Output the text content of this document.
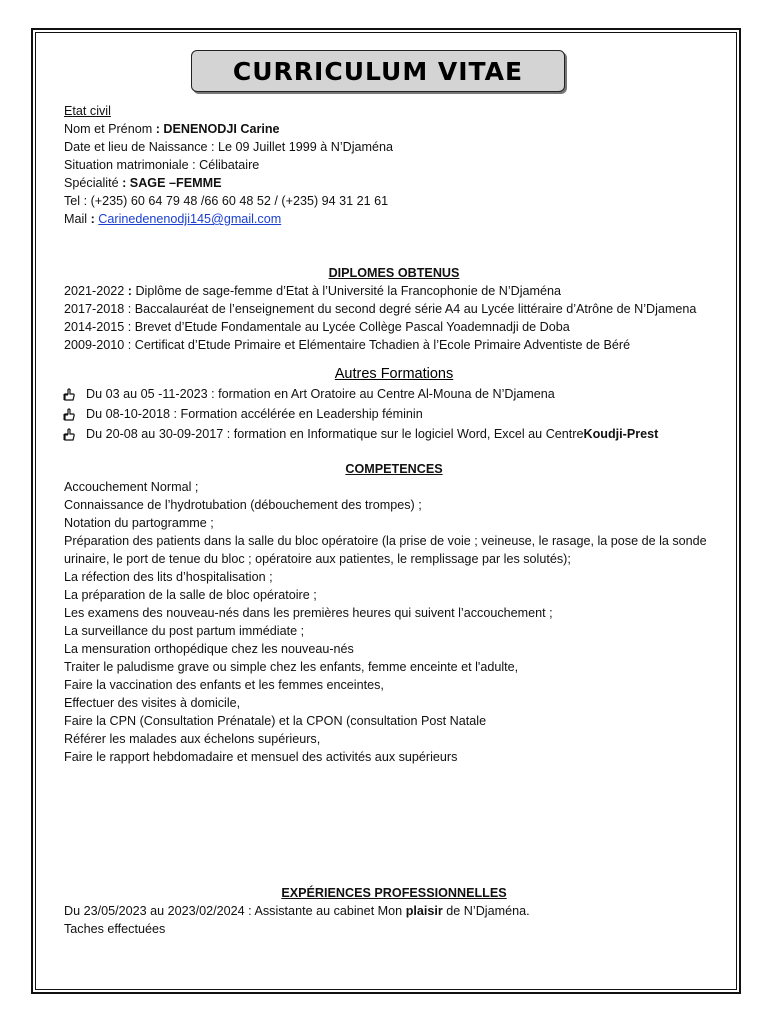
CURRICULUM VITAE
Etat civil
Nom et Prénom : DENENODJI Carine
Date et lieu de Naissance : Le 09 Juillet 1999 à N’Djaména
Situation matrimoniale : Célibataire
Spécialité : SAGE –FEMME
Tel : (+235) 60 64 79 48 /66 60 48 52 / (+235) 94 31 21 61
Mail : Carinedenenodji145@gmail.com
DIPLOMES OBTENUS
2021-2022 : Diplôme de sage-femme d’Etat à l’Université la Francophonie de N’Djaména
2017-2018 : Baccalauréat de l’enseignement du second degré série A4 au Lycée littéraire d’Atrône de N’Djamena
2014-2015 : Brevet d’Etude Fondamentale au Lycée Collège Pascal Yoademnadji de Doba
2009-2010 : Certificat d’Etude Primaire et Elémentaire Tchadien à l’Ecole Primaire Adventiste de Béré
Autres Formations
Du 03 au 05 -11-2023 : formation en Art Oratoire au Centre Al-Mouna de N’Djamena
Du 08-10-2018 : Formation accélérée en Leadership féminin
Du 20-08 au 30-09-2017 : formation en Informatique sur le logiciel Word, Excel au Centre Koudji-Prest
COMPETENCES
Accouchement Normal ;
Connaissance de l’hydrotubation (débouchement des trompes) ;
Notation du partogramme ;
Préparation des patients dans la salle du bloc opératoire (la prise de voie ; veineuse, le rasage, la pose de la sonde
urinaire, le port de tenue du bloc ; opératoire aux patientes, le remplissage par les solutés);
La réfection des lits d’hospitalisation ;
La préparation de la salle de bloc opératoire ;
Les examens des nouveau-nés dans les premières heures qui suivent l’accouchement ;
La surveillance du post partum immédiate ;
La mensuration orthopédique chez les nouveau-nés
Traiter le paludisme grave ou simple chez les enfants, femme enceinte et l'adulte,
Faire la vaccination des enfants et les femmes enceintes,
Effectuer des visites à domicile,
Faire la CPN (Consultation Prénatale) et la CPON (consultation Post Natale
Référer les malades aux échelons supérieurs,
Faire le rapport hebdomadaire et mensuel des activités aux supérieurs
EXPÉRIENCES PROFESSIONNELLES
Du 23/05/2023 au 2023/02/2024 : Assistante au cabinet Mon plaisir de N’Djaména.
Taches effectuées
